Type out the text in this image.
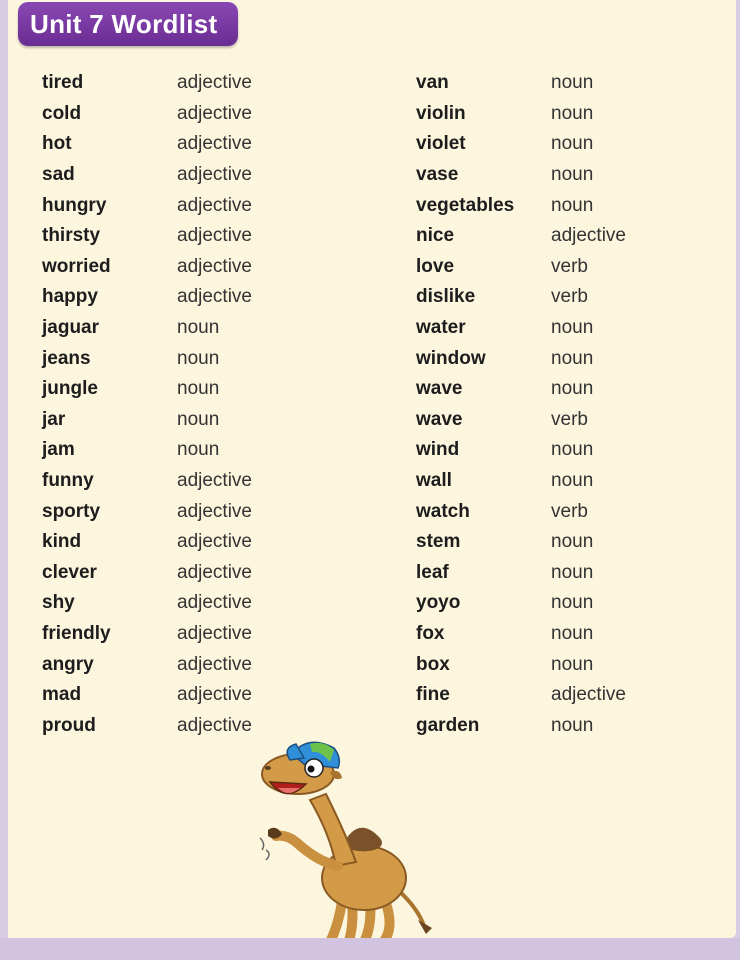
Unit 7 Wordlist
tired	adjective
cold	adjective
hot	adjective
sad	adjective
hungry	adjective
thirsty	adjective
worried	adjective
happy	adjective
jaguar	noun
jeans	noun
jungle	noun
jar	noun
jam	noun
funny	adjective
sporty	adjective
kind	adjective
clever	adjective
shy	adjective
friendly	adjective
angry	adjective
mad	adjective
proud	adjective
van	noun
violin	noun
violet	noun
vase	noun
vegetables	noun
nice	adjective
love	verb
dislike	verb
water	noun
window	noun
wave	noun
wave	verb
wind	noun
wall	noun
watch	verb
stem	noun
leaf	noun
yoyo	noun
fox	noun
box	noun
fine	adjective
garden	noun
